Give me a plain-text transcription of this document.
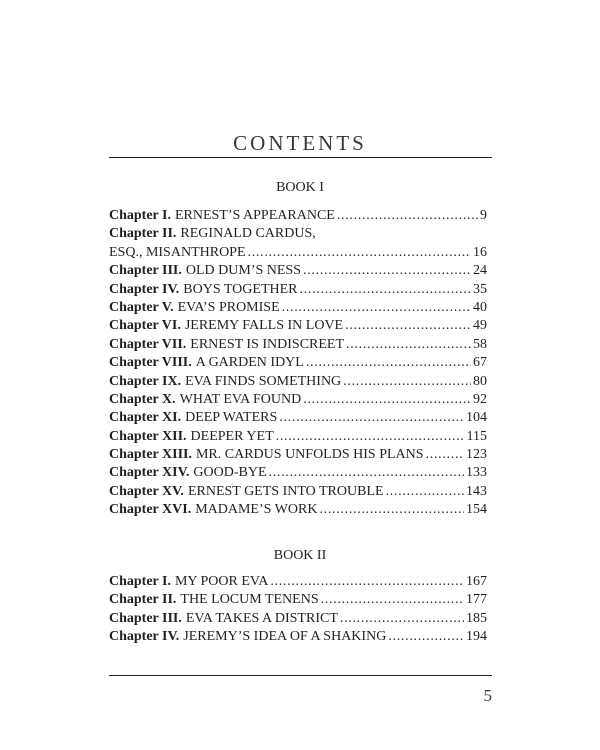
CONTENTS
BOOK I
Chapter I. ERNEST’S APPEARANCE . . .	9
Chapter II. REGINALD CARDUS,
ESQ., MISANTHROPE . . .	16
Chapter III. OLD DUM’S NESS . . .	24
Chapter IV. BOYS TOGETHER . . .	35
Chapter V. EVA’S PROMISE . . .	40
Chapter VI. JEREMY FALLS IN LOVE . . .	49
Chapter VII. ERNEST IS INDISCREET . . .	58
Chapter VIII. A GARDEN IDYL . . .	67
Chapter IX. EVA FINDS SOMETHING . . .	80
Chapter X. WHAT EVA FOUND . . .	92
Chapter XI. DEEP WATERS . . .	104
Chapter XII. DEEPER YET . . .	115
Chapter XIII. MR. CARDUS UNFOLDS HIS PLANS . . .	123
Chapter XIV. GOOD-BYE . . .	133
Chapter XV. ERNEST GETS INTO TROUBLE . . .	143
Chapter XVI. MADAME’S WORK . . .	154
BOOK II
Chapter I. MY POOR EVA . . .	167
Chapter II. THE LOCUM TENENS . . .	177
Chapter III. EVA TAKES A DISTRICT . . .	185
Chapter IV. JEREMY’S IDEA OF A SHAKING . . .	194
5
